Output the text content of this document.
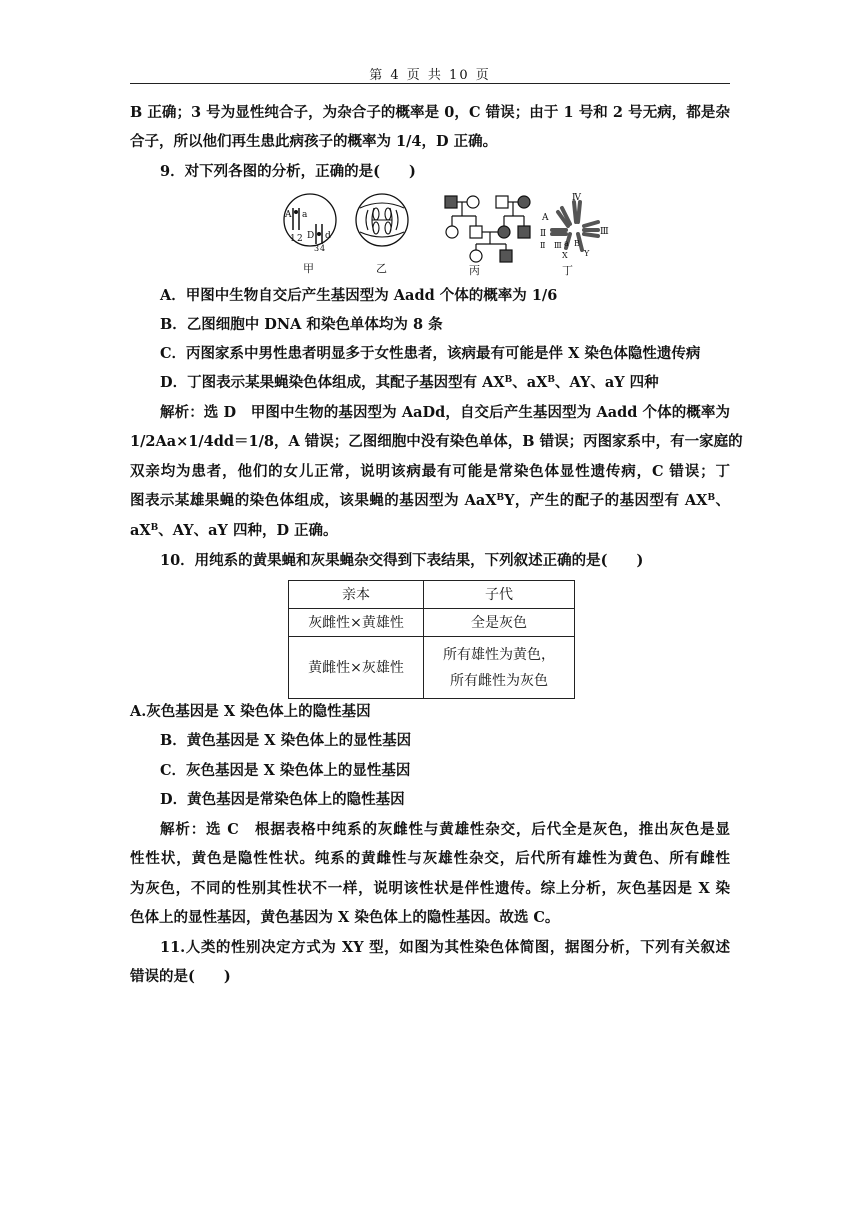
第 4 页 共 10 页
B 正确；3 号为显性纯合子，为杂合子的概率是 0，C 错误；由于 1 号和 2 号无病，都是杂
合子，所以他们再生患此病孩子的概率为 1/4，D 正确。
9．对下列各图的分析，正确的是(　　)
A a
1 2 D d
3 4
甲	乙	丙
A
Ⅳ
Ⅱ	Ⅲ
a B
Ⅱ Ⅲ
X Y
丁
A．甲图中生物自交后产生基因型为 Aadd 个体的概率为 1/6
B．乙图细胞中 DNA 和染色单体均为 8 条
C．丙图家系中男性患者明显多于女性患者，该病最有可能是伴 X 染色体隐性遗传病
D．丁图表示某果蝇染色体组成，其配子基因型有 $AX^B$、$aX^B$、AY、aY 四种
解析：选 D　甲图中生物的基因型为 AaDd，自交后产生基因型为 Aadd 个体的概率为
1/2Aa×1/4dd＝1/8，A 错误；乙图细胞中没有染色单体，B 错误；丙图家系中，有一家庭的
双亲均为患者，他们的女儿正常，说明该病最有可能是常染色体显性遗传病，C 错误；丁
图表示某雄果蝇的染色体组成，该果蝇的基因型为 AaX$^B$Y，产生的配子的基因型有 $AX^B$、
$aX^B$、AY、aY 四种，D 正确。
10．用纯系的黄果蝇和灰果蝇杂交得到下表结果，下列叙述正确的是(　　)
亲本	子代
灰雌性×黄雄性	全是灰色
黄雌性×灰雄性	所有雄性为黄色，
所有雌性为灰色
A.灰色基因是 X 染色体上的隐性基因
B．黄色基因是 X 染色体上的显性基因
C．灰色基因是 X 染色体上的显性基因
D．黄色基因是常染色体上的隐性基因
解析：选 C　根据表格中纯系的灰雌性与黄雄性杂交，后代全是灰色，推出灰色是显
性性状，黄色是隐性性状。纯系的黄雌性与灰雄性杂交，后代所有雄性为黄色、所有雌性
为灰色，不同的性别其性状不一样，说明该性状是伴性遗传。综上分析，灰色基因是 X 染
色体上的显性基因，黄色基因为 X 染色体上的隐性基因。故选 C。
11.人类的性别决定方式为 XY 型，如图为其性染色体简图，据图分析，下列有关叙述
错误的是(　　)
